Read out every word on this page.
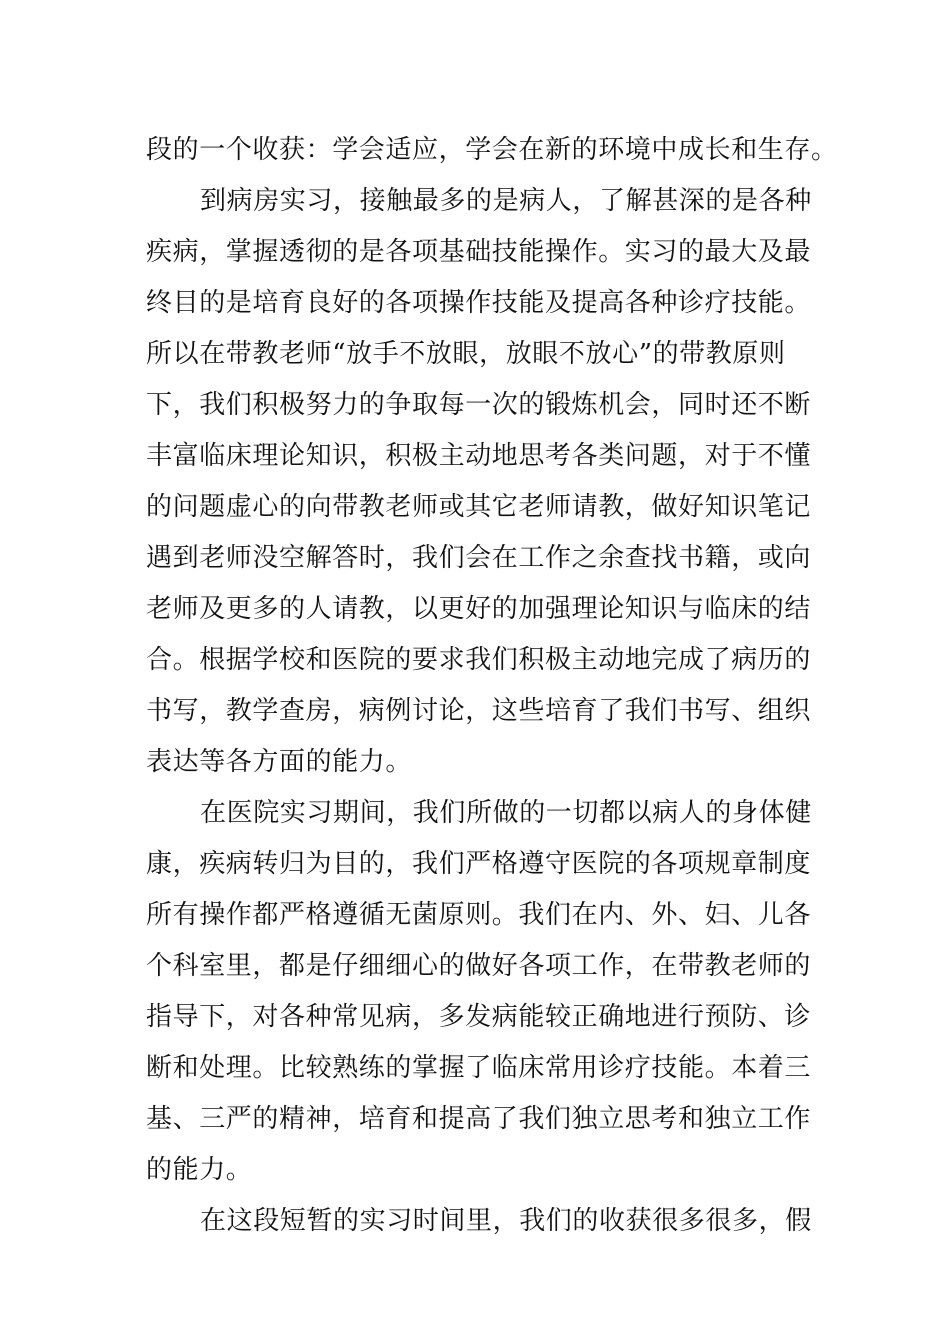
段的一个收获：学会适应，学会在新的环境中成长和生存。
到病房实习，接触最多的是病人，了解甚深的是各种
疾病，掌握透彻的是各项基础技能操作。实习的最大及最
终目的是培育良好的各项操作技能及提高各种诊疗技能。
所以在带教老师“放手不放眼，放眼不放心”的带教原则
下，我们积极努力的争取每一次的锻炼机会，同时还不断
丰富临床理论知识，积极主动地思考各类问题，对于不懂
的问题虚心的向带教老师或其它老师请教，做好知识笔记
遇到老师没空解答时，我们会在工作之余查找书籍，或向
老师及更多的人请教，以更好的加强理论知识与临床的结
合。根据学校和医院的要求我们积极主动地完成了病历的
书写，教学查房，病例讨论，这些培育了我们书写、组织
表达等各方面的能力。
在医院实习期间，我们所做的一切都以病人的身体健
康，疾病转归为目的，我们严格遵守医院的各项规章制度
所有操作都严格遵循无菌原则。我们在内、外、妇、儿各
个科室里，都是仔细细心的做好各项工作，在带教老师的
指导下，对各种常见病，多发病能较正确地进行预防、诊
断和处理。比较熟练的掌握了临床常用诊疗技能。本着三
基、三严的精神，培育和提高了我们独立思考和独立工作
的能力。
在这段短暂的实习时间里，我们的收获很多很多，假
